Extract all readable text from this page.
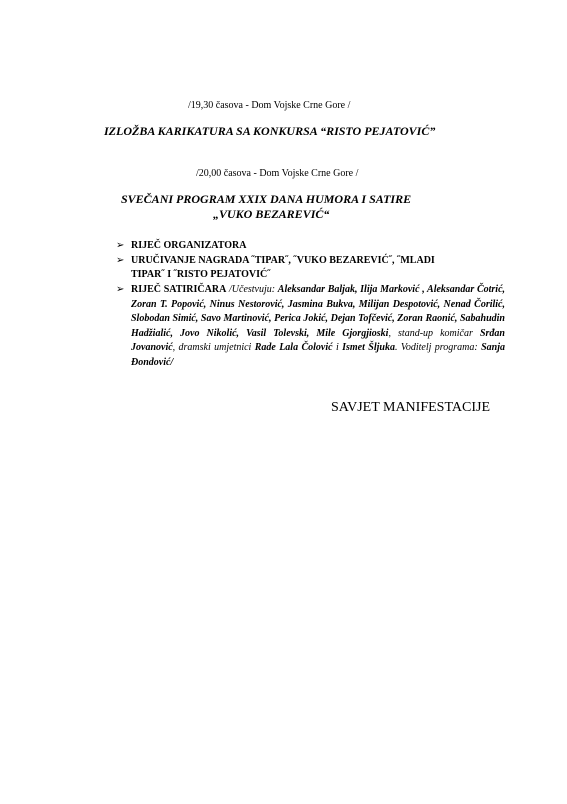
/19,30 časova - Dom Vojske Crne Gore /
IZLOŽBA KARIKATURA SA KONKURSA “RISTO PEJATOVIĆ”
/20,00 časova - Dom Vojske Crne Gore /
SVEČANI PROGRAM XXIX DANA HUMORA I SATIRE
„VUKO BEZAREVIĆ“
➢ RIJEČ ORGANIZATORA
➢ URUČIVANJE NAGRADA ˝TIPAR˝, ˝VUKO BEZAREVIĆ˝, ˝MLADI
TIPAR˝ I ˝RISTO PEJATOVIĆ˝
➢ RIJEČ SATIRIČARA /Učestvuju: Aleksandar Baljak, Ilija Marković , Aleksandar Čotrić, Zoran T. Popović, Ninus Nestorović, Jasmina Bukva, Milijan Despotović, Nenad Čorilić, Slobodan Simić, Savo Martinović, Perica Jokić, Dejan Tofčević, Zoran Raonić, Sabahudin Hadžialić, Jovo Nikolić, Vasil Tolevski, Mile Gjorgjioski, stand-up komičar Srđan Jovanović, dramski umjetnici Rade Lala Čolović i Ismet Šljuka. Voditelj programa: Sanja Đondović/
SAVJET MANIFESTACIJE
